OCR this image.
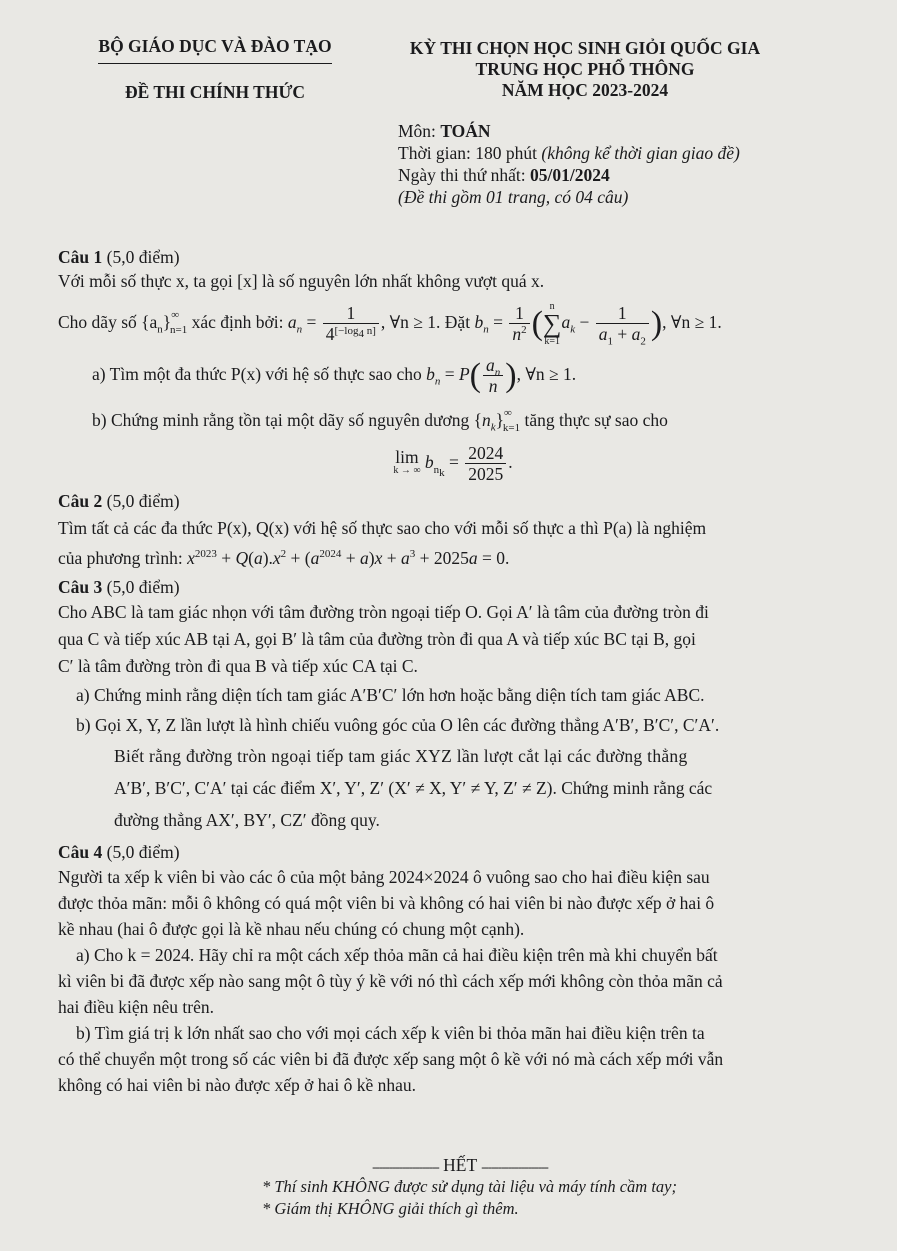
BỘ GIÁO DỤC VÀ ĐÀO TẠO
ĐỀ THI CHÍNH THỨC
KỲ THI CHỌN HỌC SINH GIỎI QUỐC GIA
TRUNG HỌC PHỔ THÔNG
NĂM HỌC 2023-2024
Môn: TOÁN
Thời gian: 180 phút (không kể thời gian giao đề)
Ngày thi thứ nhất: 05/01/2024
(Đề thi gồm 01 trang, có 04 câu)
Câu 1 (5,0 điểm)
Với mỗi số thực x, ta gọi [x] là số nguyên lớn nhất không vượt quá x.
Cho dãy số $\{a_n\}^\infty_{n=1}$ xác định bởi: $a_n = \frac{1}{4^{[-log_4 n]}}$ , ∀n ≥ 1. Đặt $b_n = \frac{1}{n^2}$ ( n
∑
k=1
$a_k - \frac{1}{a_1 + a_2}$ ), ∀n ≥ 1.
a) Tìm một đa thức P(x) với hệ số thực sao cho $b_n = P( \frac{a_n}{n}$ ), ∀n ≥ 1.
b) Chứng minh rằng tồn tại một dãy số nguyên dương $\{n_k\}^\infty_{k=1}$ tăng thực sự sao cho
lim
k → ∞ $b_{n_k} = \frac{2024}{2025}$ .
Câu 2 (5,0 điểm)
Tìm tất cả các đa thức P(x), Q(x) với hệ số thực sao cho với mỗi số thực a thì P(a) là nghiệm
của phương trình: $x^{2023} + Q(a).x^2 + (a^{2024} + a)x + a^3 + 2025a = 0$.
Câu 3 (5,0 điểm)
Cho ABC là tam giác nhọn với tâm đường tròn ngoại tiếp O. Gọi A′ là tâm của đường tròn đi
qua C và tiếp xúc AB tại A, gọi B′ là tâm của đường tròn đi qua A và tiếp xúc BC tại B, gọi
C′ là tâm đường tròn đi qua B và tiếp xúc CA tại C.
a) Chứng minh rằng diện tích tam giác A′B′C′ lớn hơn hoặc bằng diện tích tam giác ABC.
b) Gọi X, Y, Z lần lượt là hình chiếu vuông góc của O lên các đường thẳng A′B′, B′C′, C′A′.
Biết rằng đường tròn ngoại tiếp tam giác XYZ lần lượt cắt lại các đường thẳng
A′B′, B′C′, C′A′ tại các điểm X′, Y′, Z′ (X′ ≠ X, Y′ ≠ Y, Z′ ≠ Z). Chứng minh rằng các
đường thẳng AX′, BY′, CZ′ đồng quy.
Câu 4 (5,0 điểm)
Người ta xếp k viên bi vào các ô của một bảng 2024×2024 ô vuông sao cho hai điều kiện sau
được thỏa mãn: mỗi ô không có quá một viên bi và không có hai viên bi nào được xếp ở hai ô
kề nhau (hai ô được gọi là kề nhau nếu chúng có chung một cạnh).
a) Cho k = 2024. Hãy chỉ ra một cách xếp thỏa mãn cả hai điều kiện trên mà khi chuyển bất
kì viên bi đã được xếp nào sang một ô tùy ý kề với nó thì cách xếp mới không còn thỏa mãn cả
hai điều kiện nêu trên.
b) Tìm giá trị k lớn nhất sao cho với mọi cách xếp k viên bi thỏa mãn hai điều kiện trên ta
có thể chuyển một trong số các viên bi đã được xếp sang một ô kề với nó mà cách xếp mới vẫn
không có hai viên bi nào được xếp ở hai ô kề nhau.
-------------------- HẾT --------------------
* Thí sinh KHÔNG được sử dụng tài liệu và máy tính cầm tay;
* Giám thị KHÔNG giải thích gì thêm.
